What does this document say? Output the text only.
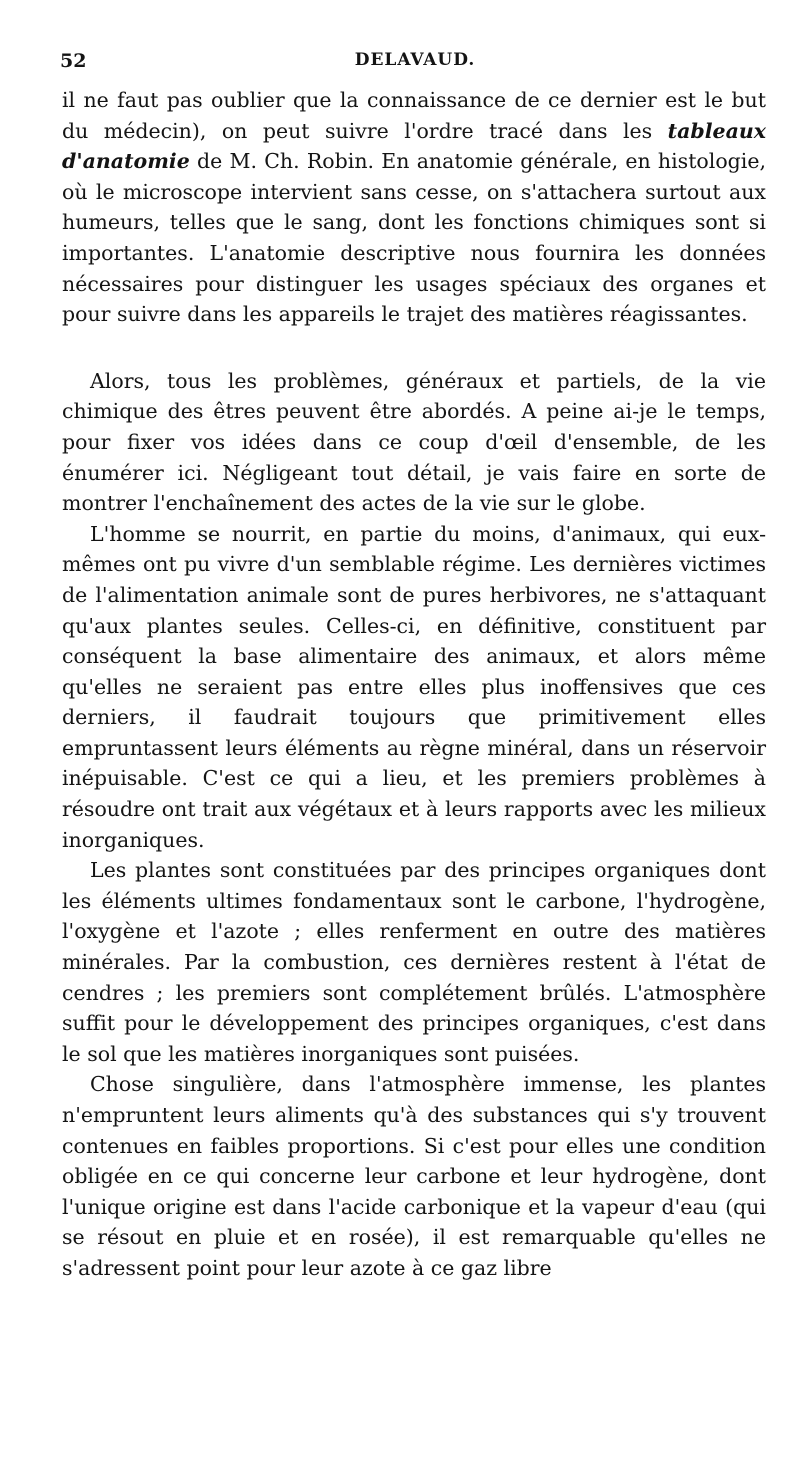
52	DELAVAUD.

il ne faut pas oublier que la connaissance de ce dernier est le but du médecin), on peut suivre l'ordre tracé dans les tableaux d'anatomie de M. Ch. Robin. En anatomie générale, en histologie, où le microscope intervient sans cesse, on s'attachera surtout aux humeurs, telles que le sang, dont les fonctions chimiques sont si importantes. L'anatomie descriptive nous fournira les données nécessaires pour distinguer les usages spéciaux des organes et pour suivre dans les appareils le trajet des matières réagissantes.

Alors, tous les problèmes, généraux et partiels, de la vie chimique des êtres peuvent être abordés. A peine ai-je le temps, pour fixer vos idées dans ce coup d'œil d'ensemble, de les énumérer ici. Négligeant tout détail, je vais faire en sorte de montrer l'enchaînement des actes de la vie sur le globe.

L'homme se nourrit, en partie du moins, d'animaux, qui eux-mêmes ont pu vivre d'un semblable régime. Les dernières victimes de l'alimentation animale sont de pures herbivores, ne s'attaquant qu'aux plantes seules. Celles-ci, en définitive, constituent par conséquent la base alimentaire des animaux, et alors même qu'elles ne seraient pas entre elles plus inoffensives que ces derniers, il faudrait toujours que primitivement elles empruntassent leurs éléments au règne minéral, dans un réservoir inépuisable. C'est ce qui a lieu, et les premiers problèmes à résoudre ont trait aux végétaux et à leurs rapports avec les milieux inorganiques.

Les plantes sont constituées par des principes organiques dont les éléments ultimes fondamentaux sont le carbone, l'hydrogène, l'oxygène et l'azote ; elles renferment en outre des matières minérales. Par la combustion, ces dernières restent à l'état de cendres ; les premiers sont complétement brûlés. L'atmosphère suffit pour le développement des principes organiques, c'est dans le sol que les matières inorganiques sont puisées.

Chose singulière, dans l'atmosphère immense, les plantes n'empruntent leurs aliments qu'à des substances qui s'y trouvent contenues en faibles proportions. Si c'est pour elles une condition obligée en ce qui concerne leur carbone et leur hydrogène, dont l'unique origine est dans l'acide carbonique et la vapeur d'eau (qui se résout en pluie et en rosée), il est remarquable qu'elles ne s'adressent point pour leur azote à ce gaz libre
